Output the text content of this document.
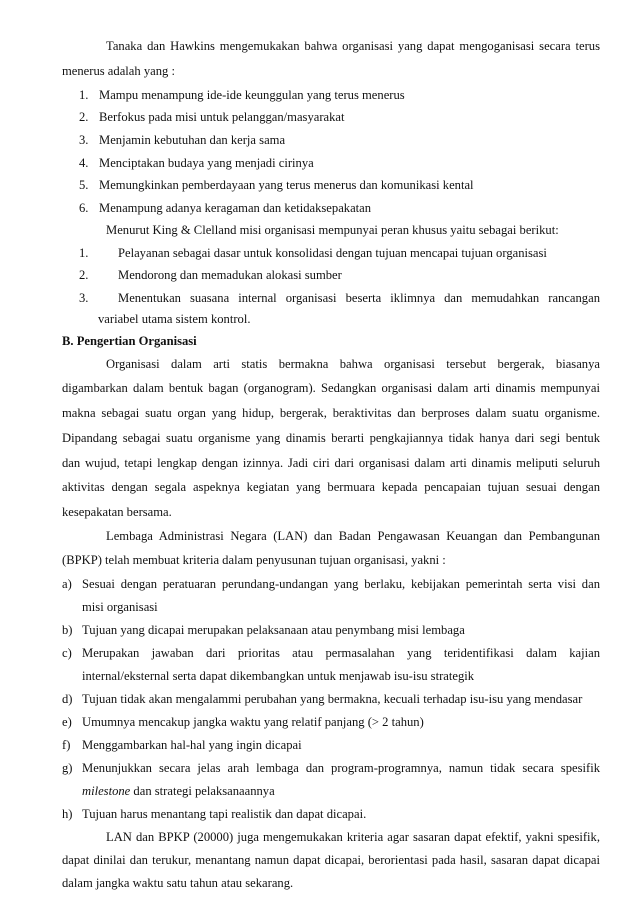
Tanaka dan Hawkins mengemukakan bahwa organisasi yang dapat mengoganisasi secara terus
menerus adalah yang :
1. Mampu menampung ide-ide keunggulan yang terus menerus
2. Berfokus pada misi untuk pelanggan/masyarakat
3. Menjamin kebutuhan dan kerja sama
4. Menciptakan budaya yang menjadi cirinya
5. Memungkinkan pemberdayaan yang terus menerus dan komunikasi kental
6. Menampung adanya keragaman dan ketidaksepakatan
Menurut King & Clelland misi organisasi mempunyai peran khusus yaitu sebagai berikut:
1. Pelayanan sebagai dasar untuk konsolidasi dengan tujuan mencapai tujuan organisasi
2. Mendorong dan memadukan alokasi sumber
3. Menentukan suasana internal organisasi beserta iklimnya dan memudahkan rancangan
variabel utama sistem kontrol.
B. Pengertian Organisasi
Organisasi dalam arti statis bermakna bahwa organisasi tersebut bergerak, biasanya
digambarkan dalam bentuk bagan (organogram). Sedangkan organisasi dalam arti dinamis mempunyai
makna sebagai suatu organ yang hidup, bergerak, beraktivitas dan berproses dalam suatu organisme.
Dipandang sebagai suatu organisme yang dinamis berarti pengkajiannya tidak hanya dari segi bentuk
dan wujud, tetapi lengkap dengan izinnya. Jadi ciri dari organisasi dalam arti dinamis meliputi seluruh
aktivitas dengan segala aspeknya kegiatan yang bermuara kepada pencapaian tujuan sesuai dengan
kesepakatan bersama.
Lembaga Administrasi Negara (LAN) dan Badan Pengawasan Keuangan dan Pembangunan
(BPKP) telah membuat kriteria dalam penyusunan tujuan organisasi, yakni :
a) Sesuai dengan peratuaran perundang-undangan yang berlaku, kebijakan pemerintah serta visi dan
misi organisasi
b) Tujuan yang dicapai merupakan pelaksanaan atau penymbang misi lembaga
c) Merupakan jawaban dari prioritas atau permasalahan yang teridentifikasi dalam kajian
internal/eksternal serta dapat dikembangkan untuk menjawab isu-isu strategik
d) Tujuan tidak akan mengalammi perubahan yang bermakna, kecuali terhadap isu-isu yang mendasar
e) Umumnya mencakup jangka waktu yang relatif panjang (> 2 tahun)
f) Menggambarkan hal-hal yang ingin dicapai
g) Menunjukkan secara jelas arah lembaga dan program-programnya, namun tidak secara spesifik
milestone dan strategi pelaksanaannya
h) Tujuan harus menantang tapi realistik dan dapat dicapai.
LAN dan BPKP (20000) juga mengemukakan kriteria agar sasaran dapat efektif, yakni spesifik,
dapat dinilai dan terukur, menantang namun dapat dicapai, berorientasi pada hasil, sasaran dapat dicapai
dalam jangka waktu satu tahun atau sekarang.
